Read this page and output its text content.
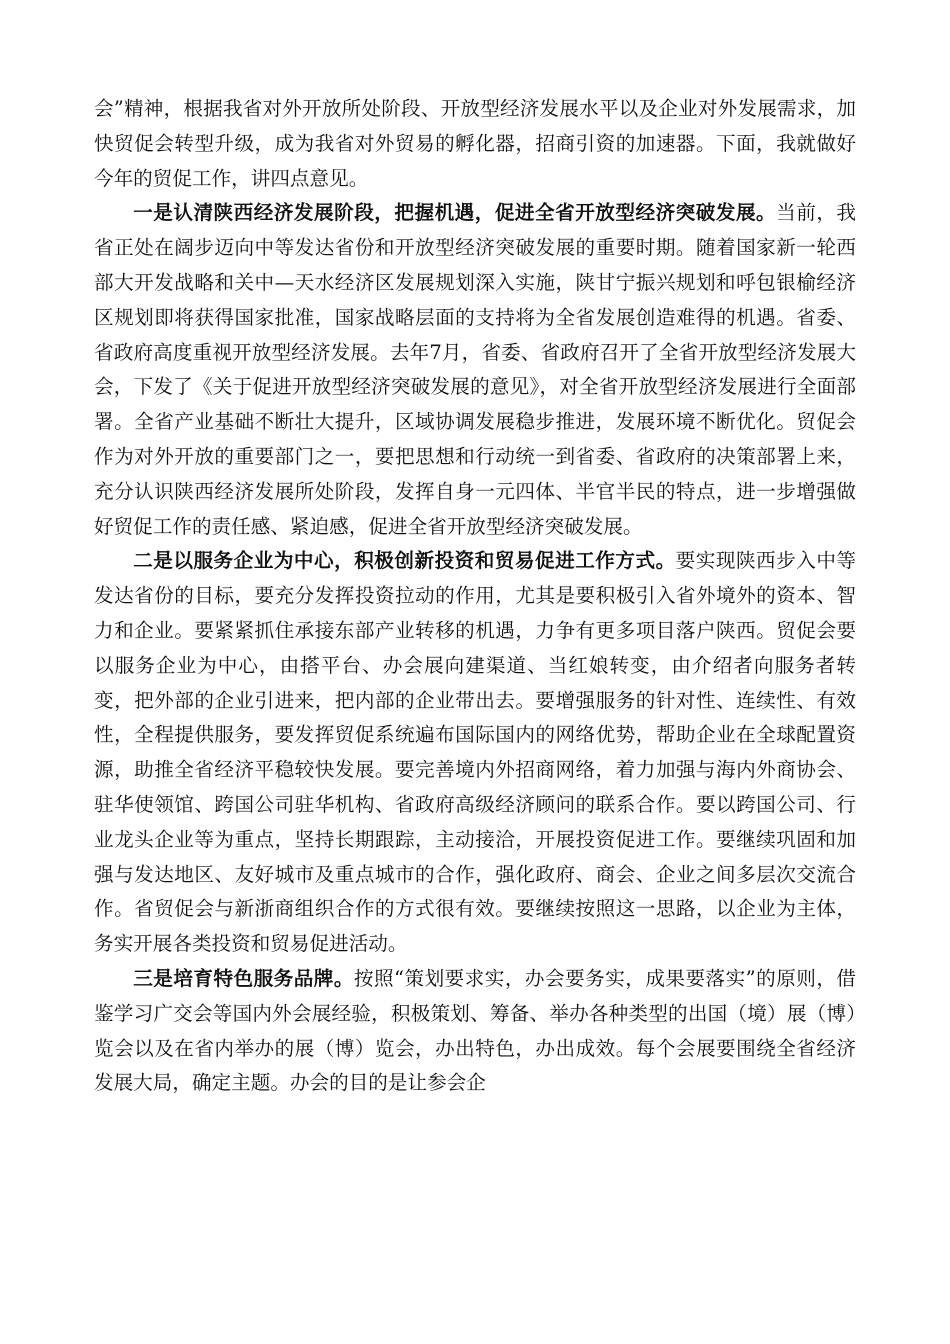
会”精神，根据我省对外开放所处阶段、开放型经济发展水平以及企业对外发展需求，加快贸促会转型升级，成为我省对外贸易的孵化器，招商引资的加速器。下面，我就做好今年的贸促工作，讲四点意见。

一是认清陕西经济发展阶段，把握机遇，促进全省开放型经济突破发展。当前，我省正处在阔步迈向中等发达省份和开放型经济突破发展的重要时期。随着国家新一轮西部大开发战略和关中—天水经济区发展规划深入实施，陕甘宁振兴规划和呼包银榆经济区规划即将获得国家批准，国家战略层面的支持将为全省发展创造难得的机遇。省委、省政府高度重视开放型经济发展。去年7月，省委、省政府召开了全省开放型经济发展大会，下发了《关于促进开放型经济突破发展的意见》，对全省开放型经济发展进行全面部署。全省产业基础不断壮大提升，区域协调发展稳步推进，发展环境不断优化。贸促会作为对外开放的重要部门之一，要把思想和行动统一到省委、省政府的决策部署上来，充分认识陕西经济发展所处阶段，发挥自身一元四体、半官半民的特点，进一步增强做好贸促工作的责任感、紧迫感，促进全省开放型经济突破发展。

二是以服务企业为中心，积极创新投资和贸易促进工作方式。要实现陕西步入中等发达省份的目标，要充分发挥投资拉动的作用，尤其是要积极引入省外境外的资本、智力和企业。要紧紧抓住承接东部产业转移的机遇，力争有更多项目落户陕西。贸促会要以服务企业为中心，由搭平台、办会展向建渠道、当红娘转变，由介绍者向服务者转变，把外部的企业引进来，把内部的企业带出去。要增强服务的针对性、连续性、有效性，全程提供服务，要发挥贸促系统遍布国际国内的网络优势，帮助企业在全球配置资源，助推全省经济平稳较快发展。要完善境内外招商网络，着力加强与海内外商协会、驻华使领馆、跨国公司驻华机构、省政府高级经济顾问的联系合作。要以跨国公司、行业龙头企业等为重点，坚持长期跟踪，主动接洽，开展投资促进工作。要继续巩固和加强与发达地区、友好城市及重点城市的合作，强化政府、商会、企业之间多层次交流合作。省贸促会与新浙商组织合作的方式很有效。要继续按照这一思路，以企业为主体，务实开展各类投资和贸易促进活动。

三是培育特色服务品牌。按照“策划要求实，办会要务实，成果要落实”的原则，借鉴学习广交会等国内外会展经验，积极策划、筹备、举办各种类型的出国（境）展（博）览会以及在省内举办的展（博）览会，办出特色，办出成效。每个会展要围绕全省经济发展大局，确定主题。办会的目的是让参会企
